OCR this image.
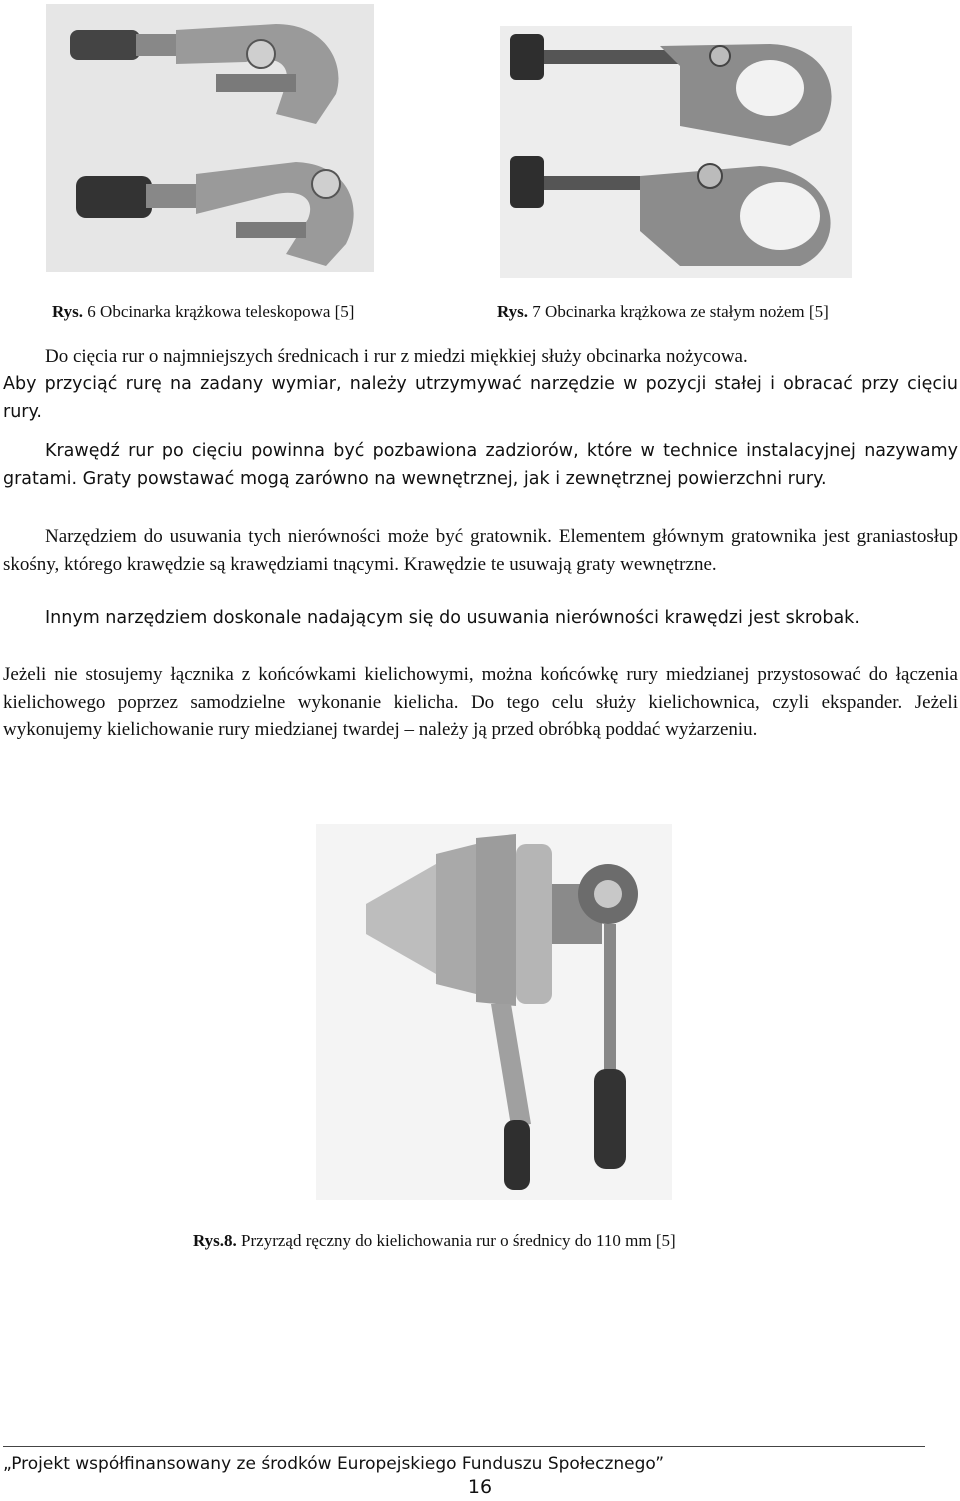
Rys. 6 Obcinarka krążkowa teleskopowa [5]	Rys. 7 Obcinarka krążkowa ze stałym nożem [5]

Do cięcia rur o najmniejszych średnicach i rur z miedzi miękkiej służy obcinarka nożycowa.

Aby przyciąć rurę na zadany wymiar, należy utrzymywać narzędzie w pozycji stałej i obracać przy cięciu rury.

Krawędź rur po cięciu powinna być pozbawiona zadziorów, które w technice instalacyjnej nazywamy gratami. Graty powstawać mogą zarówno na wewnętrznej, jak i zewnętrznej powierzchni rury.

Narzędziem do usuwania tych nierówności może być gratownik. Elementem głównym gratownika jest graniastosłup skośny, którego krawędzie są krawędziami tnącymi. Krawędzie te usuwają graty wewnętrzne.

Innym narzędziem doskonale nadającym się do usuwania nierówności krawędzi jest skrobak.

Jeżeli nie stosujemy łącznika z końcówkami kielichowymi, można końcówkę rury miedzianej przystosować do łączenia kielichowego poprzez samodzielne wykonanie kielicha. Do tego celu służy kielichownica, czyli ekspander. Jeżeli wykonujemy kielichowanie rury miedzianej twardej – należy ją przed obróbką poddać wyżarzeniu.

Rys.8. Przyrząd ręczny do kielichowania rur o średnicy do 110 mm [5]
„Projekt współfinansowany ze środków Europejskiego Funduszu Społecznego”
16
